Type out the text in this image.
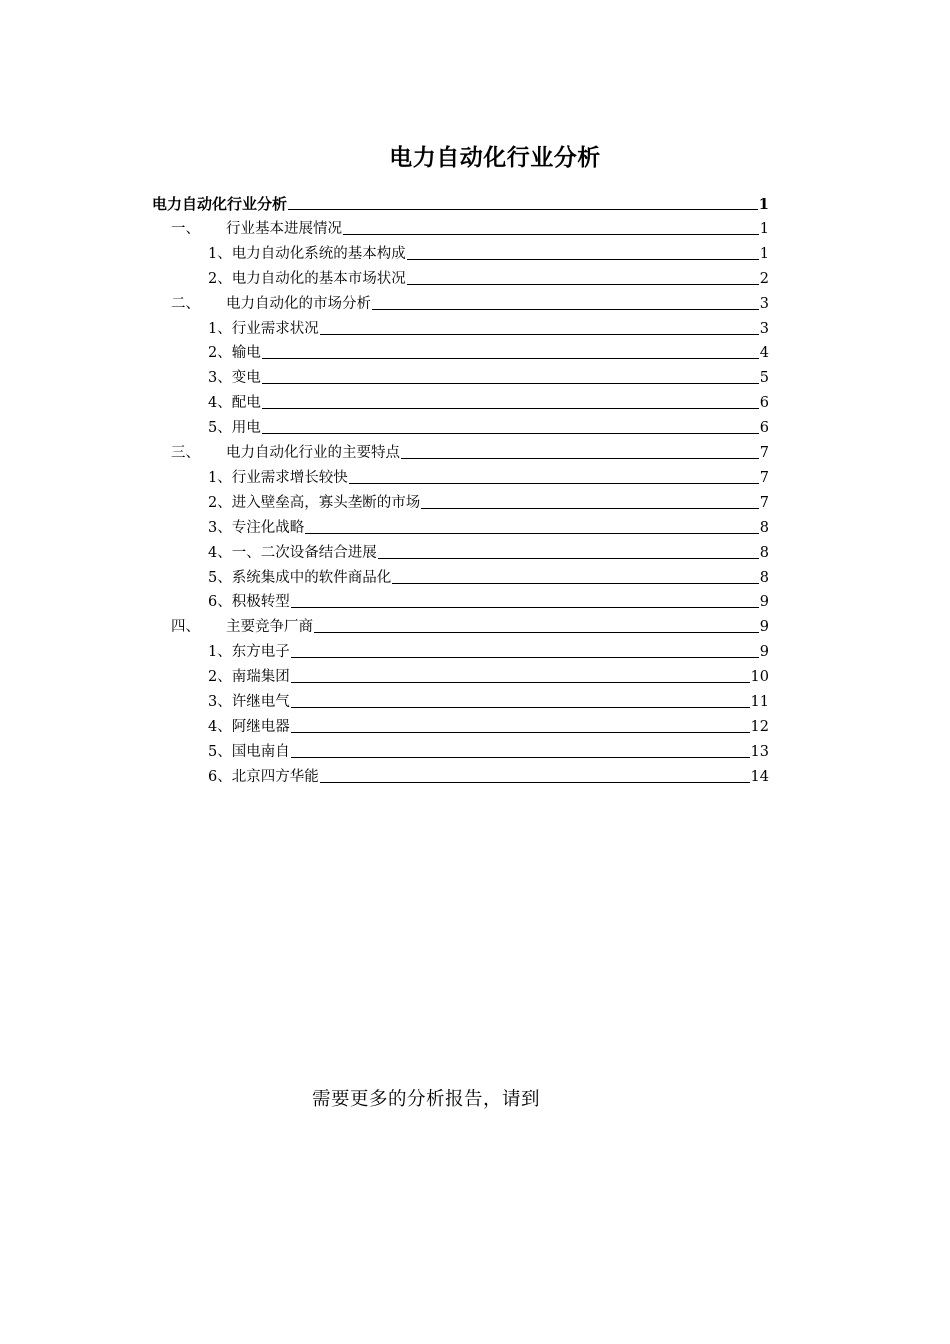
电力自动化行业分析
电力自动化行业分析	1
一、	行业基本进展情况	1
1、 电力自动化系统的基本构成	1
2、 电力自动化的基本市场状况	2
二、	电力自动化的市场分析	3
1、 行业需求状况	3
2、 输电	4
3、 变电	5
4、 配电	6
5、 用电	6
三、	电力自动化行业的主要特点	7
1、 行业需求增长较快	7
2、 进入壁垒高，寡头垄断的市场	7
3、 专注化战略	8
4、 一、二次设备结合进展	8
5、 系统集成中的软件商品化	8
6、 积极转型	9
四、	主要竞争厂商	9
1、 东方电子	9
2、 南瑞集团	10
3、 许继电气	11
4、 阿继电器	12
5、 国电南自	13
6、 北京四方华能	14
需要更多的分析报告，请到
